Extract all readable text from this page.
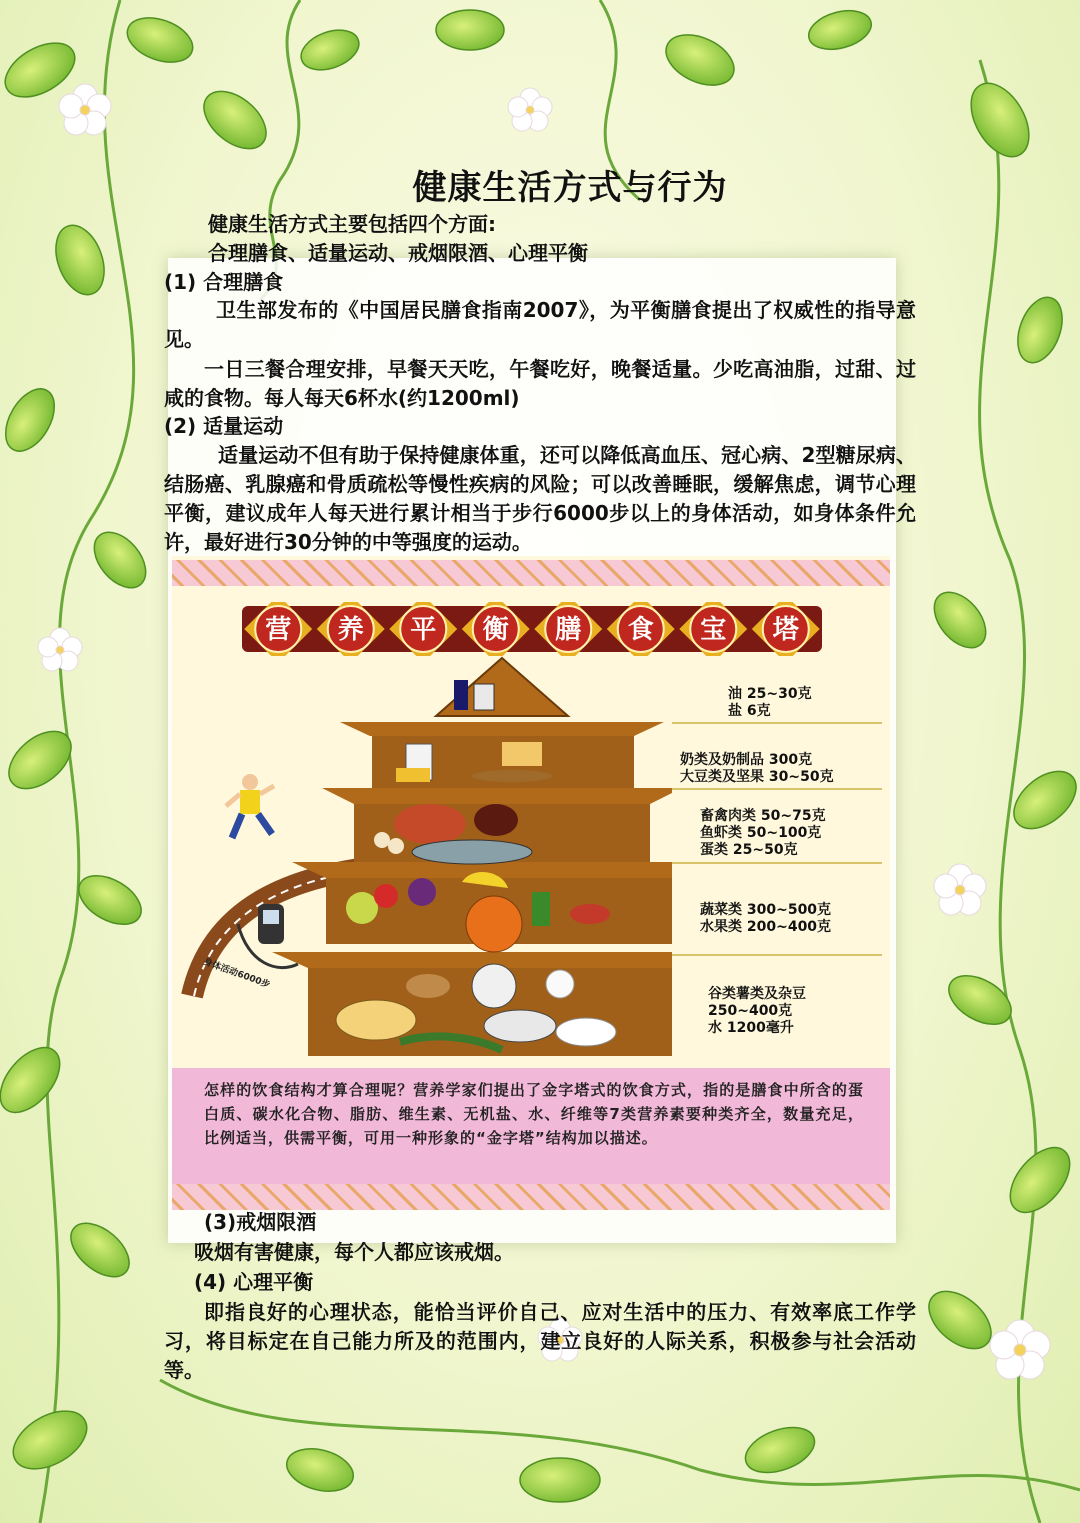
健康生活方式与行为

健康生活方式主要包括四个方面:

合理膳食、适量运动、戒烟限酒、心理平衡

(1) 合理膳食

卫生部发布的《中国居民膳食指南2007》，为平衡膳食提出了权威性的指导意见。

一日三餐合理安排，早餐天天吃，午餐吃好，晚餐适量。少吃高油脂，过甜、过咸的食物。每人每天6杯水(约1200ml)

(2) 适量运动

适量运动不但有助于保持健康体重，还可以降低高血压、冠心病、2型糖尿病、结肠癌、乳腺癌和骨质疏松等慢性疾病的风险；可以改善睡眠，缓解焦虑，调节心理平衡，建议成年人每天进行累计相当于步行6000步以上的身体活动，如身体条件允许，最好进行30分钟的中等强度的运动。

营 养 平 衡 膳 食 宝 塔
油 25~30克
盐 6克
奶类及奶制品 300克
大豆类及坚果 30~50克
畜禽肉类 50~75克
鱼虾类 50~100克
蛋类 25~50克
蔬菜类 300~500克
水果类 200~400克
谷类薯类及杂豆
250~400克
水 1200毫升
身体活动6000步

怎样的饮食结构才算合理呢？营养学家们提出了金字塔式的饮食方式，指的是膳食中所含的蛋白质、碳水化合物、脂肪、维生素、无机盐、水、纤维等7类营养素要种类齐全，数量充足，比例适当，供需平衡，可用一种形象的“金字塔”结构加以描述。

(3)戒烟限酒

吸烟有害健康，每个人都应该戒烟。

(4) 心理平衡

即指良好的心理状态，能恰当评价自己、应对生活中的压力、有效率底工作学习，将目标定在自己能力所及的范围内，建立良好的人际关系，积极参与社会活动等。
